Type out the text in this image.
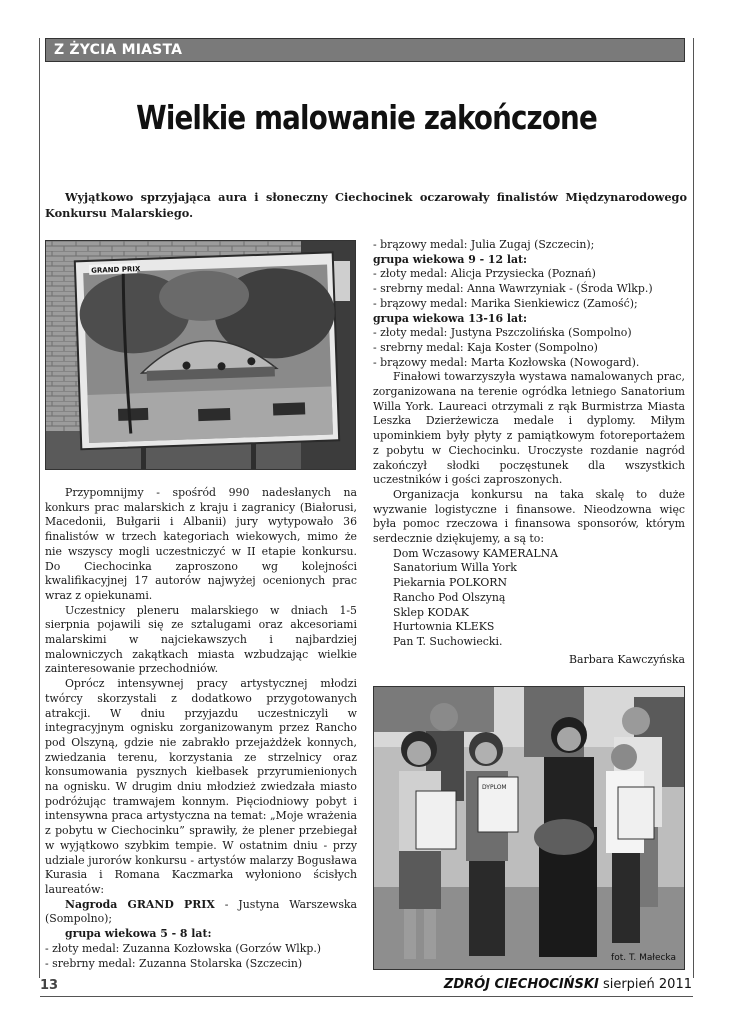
Z ŻYCIA MIASTA
Wielkie malowanie zakończone
Wyjątkowo sprzyjająca aura i słoneczny Ciechocinek oczarowały finalistów Międzynarodowego Konkursu Malarskiego.
GRAND PRIX

Przypomnijmy - spośród 990 nadesłanych na konkurs prac malarskich z kraju i zagranicy (Białorusi, Macedonii, Bułgarii i Albanii) jury wytypowało 36 finalistów w trzech kategoriach wiekowych, mimo że nie wszyscy mogli uczestniczyć w II etapie konkursu. Do Ciechocinka zaproszono wg kolejności kwalifikacyjnej 17 autorów najwyżej ocenionych prac wraz z opiekunami.

Uczestnicy pleneru malarskiego w dniach 1-5 sierpnia pojawili się ze sztalugami oraz akcesoriami malarskimi w najciekawszych i najbardziej malowniczych zakątkach miasta wzbudzając wielkie zainteresowanie przechodniów.

Oprócz intensywnej pracy artystycznej młodzi twórcy skorzystali z dodatkowo przygotowanych atrakcji. W dniu przyjazdu uczestniczyli w integracyjnym ognisku zorganizowanym przez Rancho pod Olszyną, gdzie nie zabrakło przejażdżek konnych, zwiedzania terenu, korzystania ze strzelnicy oraz konsumowania pysznych kiełbasek przyrumienionych na ognisku. W drugim dniu młodzież zwiedzała miasto podróżując tramwajem konnym. Pięciodniowy pobyt i intensywna praca artystyczna na temat: „Moje wrażenia z pobytu w Ciechocinku” sprawiły, że plener przebiegał w wyjątkowo szybkim tempie. W ostatnim dniu - przy udziale jurorów konkursu - artystów malarzy Bogusława Kurasia i Romana Kaczmarka wyłoniono ścisłych laureatów:

Nagroda GRAND PRIX - Justyna Warszewska (Sompolno);

grupa wiekowa 5 - 8 lat:
- złoty medal: Zuzanna Kozłowska (Gorzów Wlkp.)
- srebrny medal: Zuzanna Stolarska (Szczecin)
- brązowy medal: Julia Zugaj (Szczecin);
grupa wiekowa 9 - 12 lat:
- złoty medal: Alicja Przysiecka (Poznań)
- srebrny medal: Anna Wawrzyniak - (Środa Wlkp.)
- brązowy medal: Marika Sienkiewicz (Zamość);
grupa wiekowa 13-16 lat:
- złoty medal: Justyna Pszczolińska (Sompolno)
- srebrny medal: Kaja Koster (Sompolno)
- brązowy medal: Marta Kozłowska (Nowogard).

Finałowi towarzyszyła wystawa namalowanych prac, zorganizowana na terenie ogródka letniego Sanatorium Willa York. Laureaci otrzymali z rąk Burmistrza Miasta Leszka Dzierżewicza medale i dyplomy. Miłym upominkiem były płyty z pamiątkowym fotoreportażem z pobytu w Ciechocinku. Uroczyste rozdanie nagród zakończył słodki poczęstunek dla wszystkich uczestników i gości zaproszonych.

Organizacja konkursu na taka skalę to duże wyzwanie logistyczne i finansowe. Nieodzowna więc była pomoc rzeczowa i finansowa sponsorów, którym serdecznie dziękujemy, a są to:

Dom Wczasowy KAMERALNA
Sanatorium Willa York
Piekarnia POLKORN
Rancho Pod Olszyną
Sklep KODAK
Hurtownia KLEKS
Pan T. Suchowiecki.
Barbara Kawczyńska
DYPLOM
fot. T. Małecka
13	ZDRÓJ CIECHOCIŃSKI sierpień 2011
